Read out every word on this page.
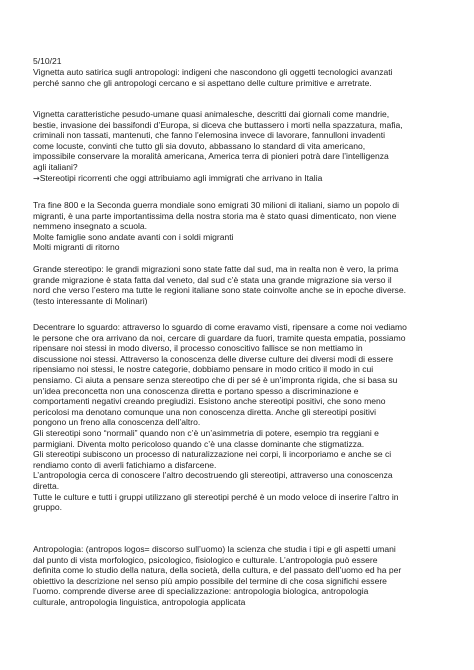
5/10/21

Vignetta auto satirica sugli antropologi: indigeni che nascondono gli oggetti tecnologici avanzati

perché sanno che gli antropologi cercano e si aspettano delle culture primitive e arretrate.

Vignetta caratteristiche pesudo-umane quasi animalesche, descritti dai giornali come mandrie,

bestie, invasione dei bassifondi d’Europa, si diceva che buttassero i morti nella spazzatura, mafia,

criminali non tassati, mantenuti, che fanno l’elemosina invece di lavorare, fannulloni invadenti

come locuste, convinti che tutto gli sia dovuto, abbassano lo standard di vita americano,

impossibile conservare la moralità americana, America terra di pionieri potrà dare l’intelligenza

agli italiani?

→Stereotipi ricorrenti che oggi attribuiamo agli immigrati che arrivano in Italia

Tra fine 800 e la Seconda guerra mondiale sono emigrati 30 milioni di italiani, siamo un popolo di

migranti, è una parte importantissima della nostra storia ma è stato quasi dimenticato, non viene

nemmeno insegnato a scuola.

Molte famiglie sono andate avanti con i soldi migranti

Molti migranti di ritorno

Grande stereotipo: le grandi migrazioni sono state fatte dal sud, ma in realta non è vero, la prima

grande migrazione è stata fatta dal veneto, dal sud c’è stata una grande migrazione sia verso il

nord che verso l’estero ma tutte le regioni italiane sono state coinvolte anche se in epoche diverse.

(testo interessante di Molinari)

Decentrare lo sguardo: attraverso lo sguardo di come eravamo visti, ripensare a come noi vediamo

le persone che ora arrivano da noi, cercare di guardare da fuori, tramite questa empatia, possiamo

ripensare noi stessi in modo diverso, il processo conoscitivo fallisce se non mettiamo in

discussione noi stessi. Attraverso la conoscenza delle diverse culture dei diversi modi di essere

ripensiamo noi stessi, le nostre categorie, dobbiamo pensare in modo critico il modo in cui

pensiamo. Ci aiuta a pensare senza stereotipo che di per sé è un’impronta rigida, che si basa su

un’idea preconcetta non una conoscenza diretta e portano spesso a discriminazione e

comportamenti negativi creando pregiudizi. Esistono anche stereotipi positivi, che sono meno

pericolosi ma denotano comunque una non conoscenza diretta. Anche gli stereotipi positivi

pongono un freno alla conoscenza dell’altro.

Gli stereotipi sono “normali” quando non c’è un’asimmetria di potere, esempio tra reggiani e

parmigiani. Diventa molto pericoloso quando c’è una classe dominante che stigmatizza.

Gli stereotipi subiscono un processo di naturalizzazione nei corpi, li incorporiamo e anche se ci

rendiamo conto di averli fatichiamo a disfarcene.

L’antropologia cerca di conoscere l’altro decostruendo gli stereotipi, attraverso una conoscenza

diretta.

Tutte le culture e tutti i gruppi utilizzano gli stereotipi perché è un modo veloce di inserire l’altro in

gruppo.

Antropologia: (antropos logos= discorso sull’uomo) la scienza che studia i tipi e gli aspetti umani

dal punto di vista morfologico, psicologico, fisiologico e culturale. L’antropologia può essere

definita come lo studio della natura, della società, della cultura, e del passato dell’uomo ed ha per

obiettivo la descrizione nel senso più ampio possibile del termine di che cosa significhi essere

l’uomo. comprende diverse aree di specializzazione: antropologia biologica, antropologia

culturale, antropologia linguistica, antropologia applicata
